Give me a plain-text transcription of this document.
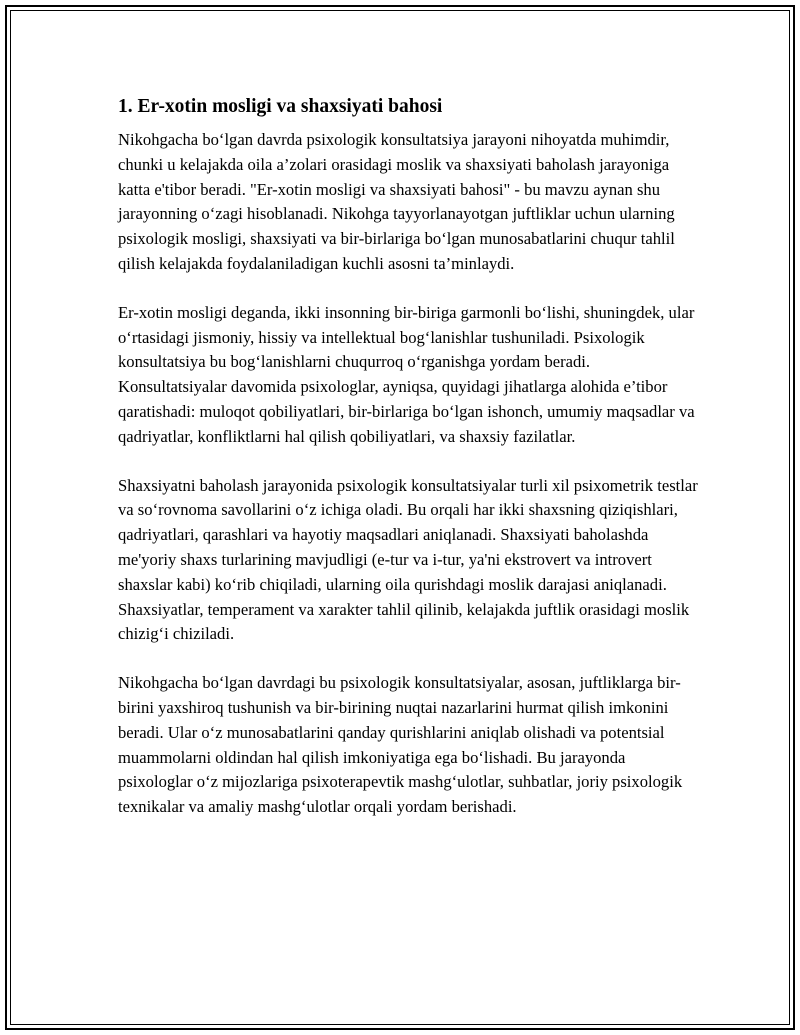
1. Er-xotin mosligi va shaxsiyati bahosi

Nikohgacha bo‘lgan davrda psixologik konsultatsiya jarayoni nihoyatda muhimdir, chunki u kelajakda oila a’zolari orasidagi moslik va shaxsiyati baholash jarayoniga katta e'tibor beradi. "Er-xotin mosligi va shaxsiyati bahosi" - bu mavzu aynan shu jarayonning o‘zagi hisoblanadi. Nikohga tayyorlanayotgan juftliklar uchun ularning psixologik mosligi, shaxsiyati va bir-birlariga bo‘lgan munosabatlarini chuqur tahlil qilish kelajakda foydalaniladigan kuchli asosni ta’minlaydi.

Er-xotin mosligi deganda, ikki insonning bir-biriga garmonli bo‘lishi, shuningdek, ular o‘rtasidagi jismoniy, hissiy va intellektual bog‘lanishlar tushuniladi. Psixologik konsultatsiya bu bog‘lanishlarni chuqurroq o‘rganishga yordam beradi. Konsultatsiyalar davomida psixologlar, ayniqsa, quyidagi jihatlarga alohida e’tibor qaratishadi: muloqot qobiliyatlari, bir-birlariga bo‘lgan ishonch, umumiy maqsadlar va qadriyatlar, konfliktlarni hal qilish qobiliyatlari, va shaxsiy fazilatlar.

Shaxsiyatni baholash jarayonida psixologik konsultatsiyalar turli xil psixometrik testlar va so‘rovnoma savollarini o‘z ichiga oladi. Bu orqali har ikki shaxsning qiziqishlari, qadriyatlari, qarashlari va hayotiy maqsadlari aniqlanadi. Shaxsiyati baholashda me'yoriy shaxs turlarining mavjudligi (e-tur va i-tur, ya'ni ekstrovert va introvert shaxslar kabi) ko‘rib chiqiladi, ularning oila qurishdagi moslik darajasi aniqlanadi. Shaxsiyatlar, temperament va xarakter tahlil qilinib, kelajakda juftlik orasidagi moslik chizig‘i chiziladi.

Nikohgacha bo‘lgan davrdagi bu psixologik konsultatsiyalar, asosan, juftliklarga bir-birini yaxshiroq tushunish va bir-birining nuqtai nazarlarini hurmat qilish imkonini beradi. Ular o‘z munosabatlarini qanday qurishlarini aniqlab olishadi va potentsial muammolarni oldindan hal qilish imkoniyatiga ega bo‘lishadi. Bu jarayonda psixologlar o‘z mijozlariga psixoterapevtik mashg‘ulotlar, suhbatlar, joriy psixologik texnikalar va amaliy mashg‘ulotlar orqali yordam berishadi.
